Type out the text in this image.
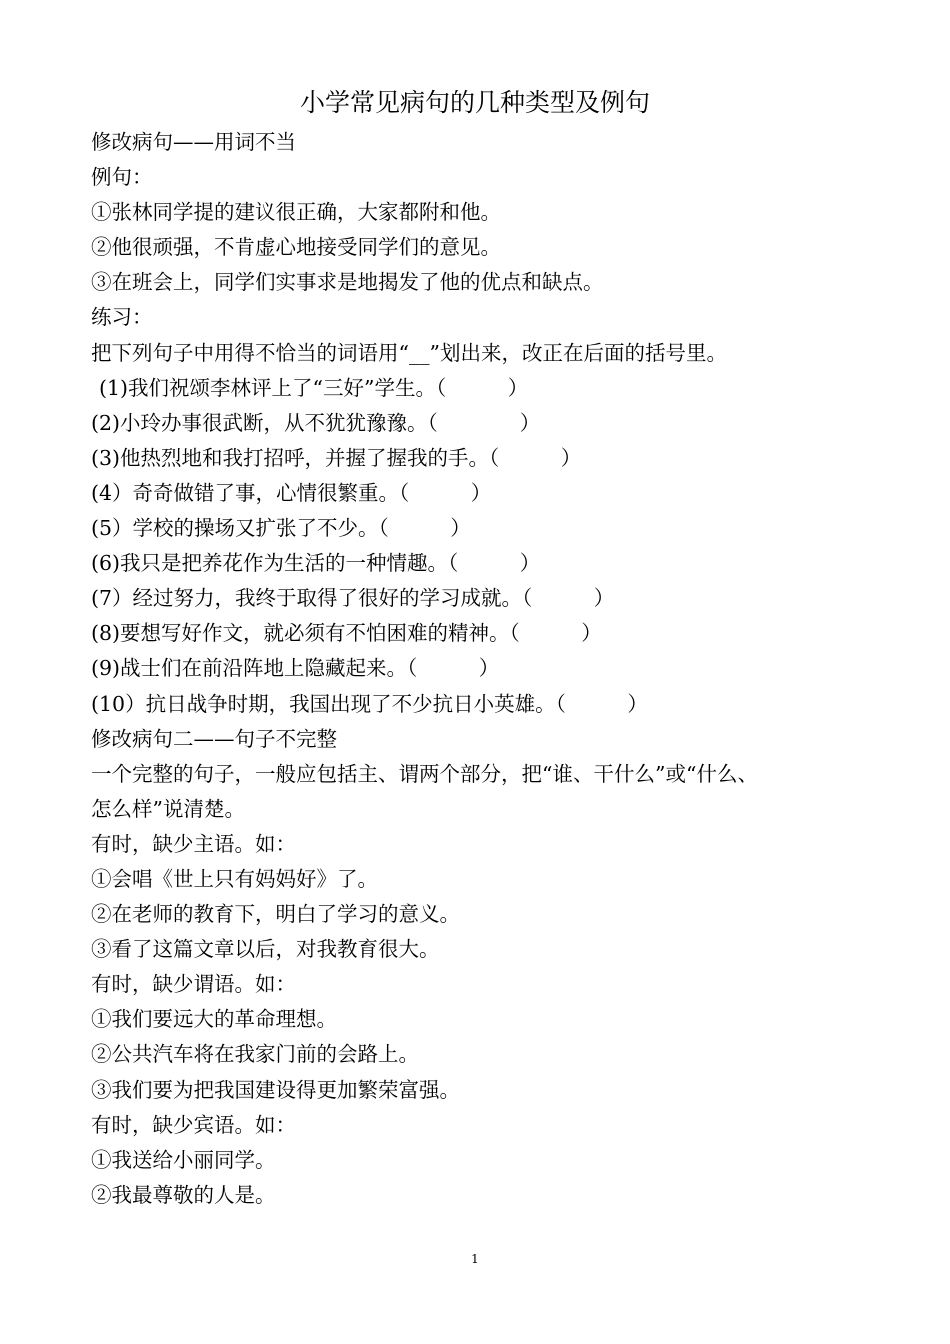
小学常见病句的几种类型及例句
修改病句——用词不当
例句：
①张林同学提的建议很正确，大家都附和他。
②他很顽强，不肯虚心地接受同学们的意见。
③在班会上，同学们实事求是地揭发了他的优点和缺点。
练习：
把下列句子中用得不恰当的词语用“__”划出来，改正在后面的括号里。
(1)我们祝颂李林评上了“三好”学生。（　　　）
(2)小玲办事很武断，从不犹犹豫豫。（　　　　）
(3)他热烈地和我打招呼，并握了握我的手。（　　　）
(4）奇奇做错了事，心情很繁重。（　　　）
(5）学校的操场又扩张了不少。（　　　）
(6)我只是把养花作为生活的一种情趣。（　　　）
(7）经过努力，我终于取得了很好的学习成就。（　　　）
(8)要想写好作文，就必须有不怕困难的精神。（　　　）
(9)战士们在前沿阵地上隐藏起来。（　　　）
(10）抗日战争时期，我国出现了不少抗日小英雄。（　　　）
修改病句二——句子不完整
一个完整的句子，一般应包括主、谓两个部分，把“谁、干什么”或“什么、
怎么样”说清楚。
有时，缺少主语。如：
①会唱《世上只有妈妈好》了。
②在老师的教育下，明白了学习的意义。
③看了这篇文章以后，对我教育很大。
有时，缺少谓语。如：
①我们要远大的革命理想。
②公共汽车将在我家门前的会路上。
③我们要为把我国建设得更加繁荣富强。
有时，缺少宾语。如：
①我送给小丽同学。
②我最尊敬的人是。
1
